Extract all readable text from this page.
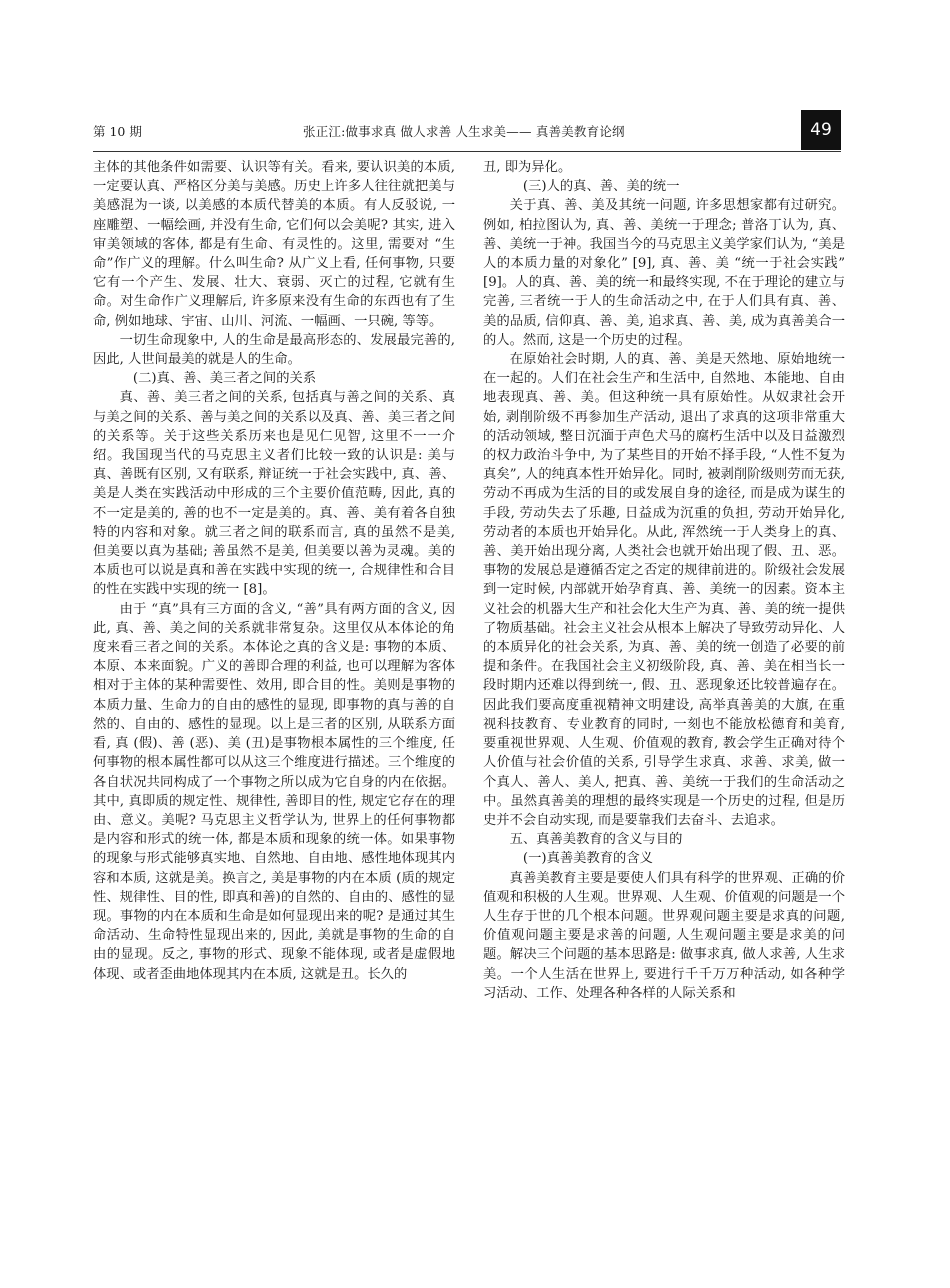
第 10 期	张正江:做事求真 做人求善 人生求美—— 真善美教育论纲	49

主体的其他条件如需要、认识等有关。看来, 要认识美的本质, 一定要认真、严格区分美与美感。历史上许多人往往就把美与美感混为一谈, 以美感的本质代替美的本质。有人反驳说, 一座雕塑、一幅绘画, 并没有生命, 它们何以会美呢? 其实, 进入审美领域的客体, 都是有生命、有灵性的。这里, 需要对 “生命”作广义的理解。什么叫生命? 从广义上看, 任何事物, 只要它有一个产生、发展、壮大、衰弱、灭亡的过程, 它就有生命。对生命作广义理解后, 许多原来没有生命的东西也有了生命, 例如地球、宇宙、山川、河流、一幅画、一只碗, 等等。

一切生命现象中, 人的生命是最高形态的、发展最完善的, 因此, 人世间最美的就是人的生命。

(二)真、善、美三者之间的关系

真、善、美三者之间的关系, 包括真与善之间的关系、真与美之间的关系、善与美之间的关系以及真、善、美三者之间的关系等。关于这些关系历来也是见仁见智, 这里不一一介绍。我国现当代的马克思主义者们比较一致的认识是: 美与真、善既有区别, 又有联系, 辩证统一于社会实践中, 真、善、美是人类在实践活动中形成的三个主要价值范畴, 因此, 真的不一定是美的, 善的也不一定是美的。真、善、美有着各自独特的内容和对象。就三者之间的联系而言, 真的虽然不是美, 但美要以真为基础; 善虽然不是美, 但美要以善为灵魂。美的本质也可以说是真和善在实践中实现的统一, 合规律性和合目的性在实践中实现的统一 [8]。

由于 “真”具有三方面的含义, “善”具有两方面的含义, 因此, 真、善、美之间的关系就非常复杂。这里仅从本体论的角度来看三者之间的关系。本体论之真的含义是: 事物的本质、本原、本来面貌。广义的善即合理的利益, 也可以理解为客体相对于主体的某种需要性、效用, 即合目的性。美则是事物的本质力量、生命力的自由的感性的显现, 即事物的真与善的自然的、自由的、感性的显现。以上是三者的区别, 从联系方面看, 真 (假)、善 (恶)、美 (丑)是事物根本属性的三个维度, 任何事物的根本属性都可以从这三个维度进行描述。三个维度的各自状况共同构成了一个事物之所以成为它自身的内在依据。其中, 真即质的规定性、规律性, 善即目的性, 规定它存在的理由、意义。美呢? 马克思主义哲学认为, 世界上的任何事物都是内容和形式的统一体, 都是本质和现象的统一体。如果事物的现象与形式能够真实地、自然地、自由地、感性地体现其内容和本质, 这就是美。换言之, 美是事物的内在本质 (质的规定性、规律性、目的性, 即真和善)的自然的、自由的、感性的显现。事物的内在本质和生命是如何显现出来的呢? 是通过其生命活动、生命特性显现出来的, 因此, 美就是事物的生命的自由的显现。反之, 事物的形式、现象不能体现, 或者是虚假地体现、或者歪曲地体现其内在本质, 这就是丑。长久的

丑, 即为异化。

(三)人的真、善、美的统一

关于真、善、美及其统一问题, 许多思想家都有过研究。例如, 柏拉图认为, 真、善、美统一于理念; 普洛丁认为, 真、善、美统一于神。我国当今的马克思主义美学家们认为, “美是人的本质力量的对象化” [9], 真、善、美 “统一于社会实践” [9]。人的真、善、美的统一和最终实现, 不在于理论的建立与完善, 三者统一于人的生命活动之中, 在于人们具有真、善、美的品质, 信仰真、善、美, 追求真、善、美, 成为真善美合一的人。然而, 这是一个历史的过程。

在原始社会时期, 人的真、善、美是天然地、原始地统一在一起的。人们在社会生产和生活中, 自然地、本能地、自由地表现真、善、美。但这种统一具有原始性。从奴隶社会开始, 剥削阶级不再参加生产活动, 退出了求真的这项非常重大的活动领域, 整日沉湎于声色犬马的腐朽生活中以及日益激烈的权力政治斗争中, 为了某些目的开始不择手段, “人性不复为真矣”, 人的纯真本性开始异化。同时, 被剥削阶级则劳而无获, 劳动不再成为生活的目的或发展自身的途径, 而是成为谋生的手段, 劳动失去了乐趣, 日益成为沉重的负担, 劳动开始异化, 劳动者的本质也开始异化。从此, 浑然统一于人类身上的真、善、美开始出现分离, 人类社会也就开始出现了假、丑、恶。事物的发展总是遵循否定之否定的规律前进的。阶级社会发展到一定时候, 内部就开始孕育真、善、美统一的因素。资本主义社会的机器大生产和社会化大生产为真、善、美的统一提供了物质基础。社会主义社会从根本上解决了导致劳动异化、人的本质异化的社会关系, 为真、善、美的统一创造了必要的前提和条件。在我国社会主义初级阶段, 真、善、美在相当长一段时期内还难以得到统一, 假、丑、恶现象还比较普遍存在。因此我们要高度重视精神文明建设, 高举真善美的大旗, 在重视科技教育、专业教育的同时, 一刻也不能放松德育和美育, 要重视世界观、人生观、价值观的教育, 教会学生正确对待个人价值与社会价值的关系, 引导学生求真、求善、求美, 做一个真人、善人、美人, 把真、善、美统一于我们的生命活动之中。虽然真善美的理想的最终实现是一个历史的过程, 但是历史并不会自动实现, 而是要靠我们去奋斗、去追求。

五、真善美教育的含义与目的

(一)真善美教育的含义

真善美教育主要是要使人们具有科学的世界观、正确的价值观和积极的人生观。世界观、人生观、价值观的问题是一个人生存于世的几个根本问题。世界观问题主要是求真的问题, 价值观问题主要是求善的问题, 人生观问题主要是求美的问题。解决三个问题的基本思路是: 做事求真, 做人求善, 人生求美。一个人生活在世界上, 要进行千千万万种活动, 如各种学习活动、工作、处理各种各样的人际关系和
